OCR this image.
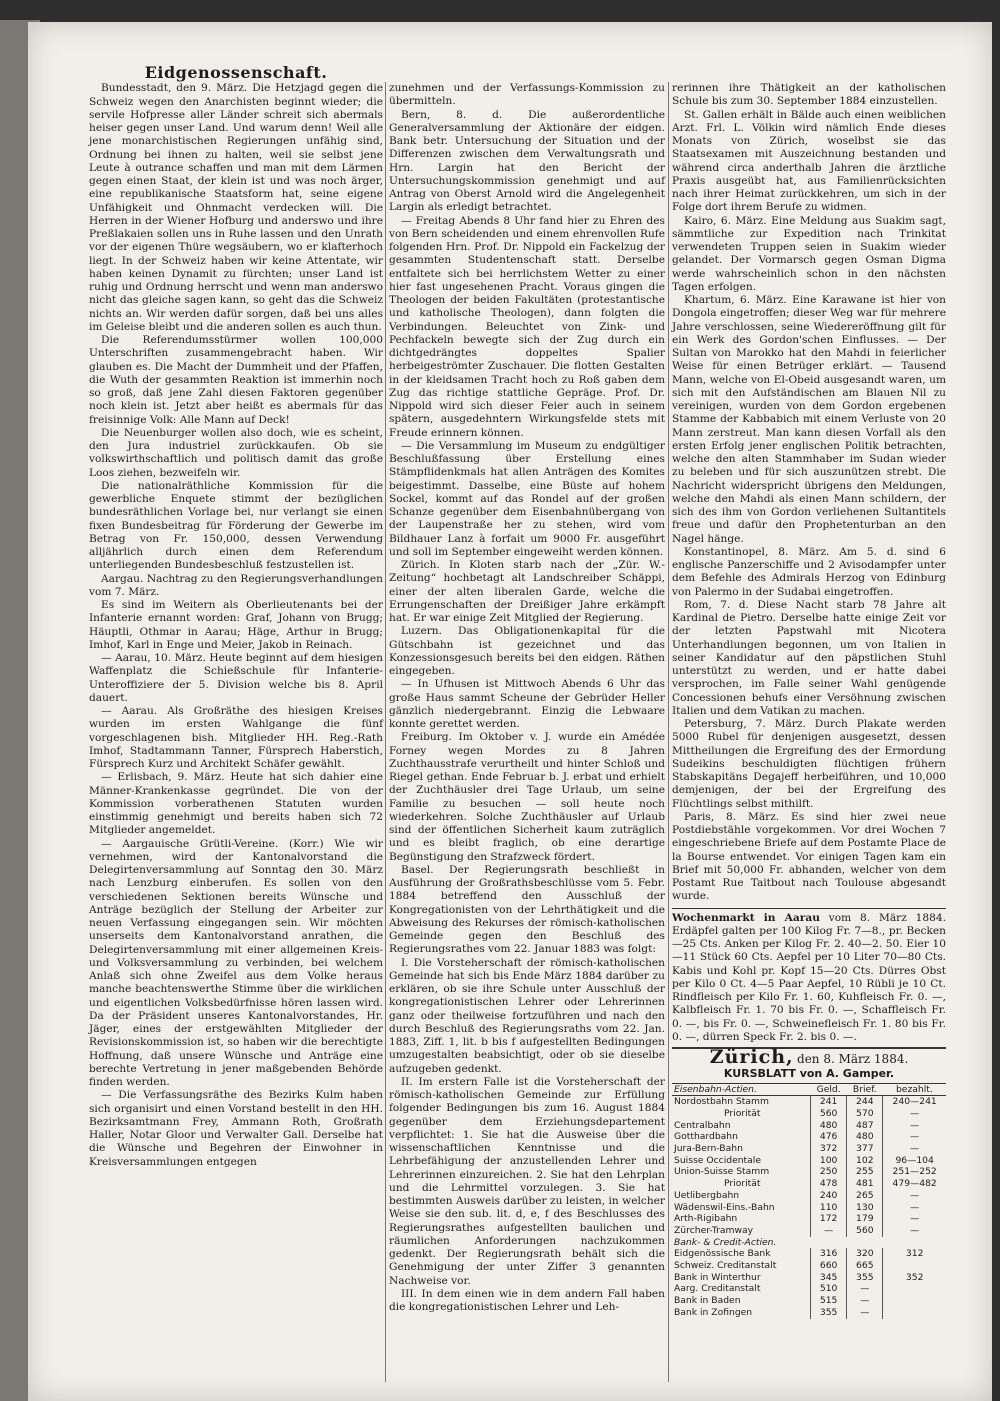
Eidgenossenschaft.

Bundesstadt, den 9. März. Die Hetzjagd gegen die Schweiz wegen den Anarchisten beginnt wieder; die servile Hofpresse aller Länder schreit sich abermals heiser gegen unser Land. Und warum denn! Weil alle jene monarchistischen Regierungen unfähig sind, Ordnung bei ihnen zu halten, weil sie selbst jene Leute à outrance schaffen und man mit dem Lärmen gegen einen Staat, der klein ist und was noch ärger, eine republikanische Staatsform hat, seine eigene Unfähigkeit und Ohnmacht verdecken will. Die Herren in der Wiener Hofburg und anderswo und ihre Preßlakaien sollen uns in Ruhe lassen und den Unrath vor der eigenen Thüre wegsäubern, wo er klafterhoch liegt. In der Schweiz haben wir keine Attentate, wir haben keinen Dynamit zu fürchten; unser Land ist ruhig und Ordnung herrscht und wenn man anderswo nicht das gleiche sagen kann, so geht das die Schweiz nichts an. Wir werden dafür sorgen, daß bei uns alles im Geleise bleibt und die anderen sollen es auch thun.

Die Referendumsstürmer wollen 100,000 Unterschriften zusammengebracht haben. Wir glauben es. Die Macht der Dummheit und der Pfaffen, die Wuth der gesammten Reaktion ist immerhin noch so groß, daß jene Zahl diesen Faktoren gegenüber noch klein ist. Jetzt aber heißt es abermals für das freisinnige Volk: Alle Mann auf Deck!

Die Neuenburger wollen also doch, wie es scheint, den Jura industriel zurückkaufen. Ob sie volkswirthschaftlich und politisch damit das große Loos ziehen, bezweifeln wir.

Die nationalräthliche Kommission für die gewerbliche Enquete stimmt der bezüglichen bundesräthlichen Vorlage bei, nur verlangt sie einen fixen Bundesbeitrag für Förderung der Gewerbe im Betrag von Fr. 150,000, dessen Verwendung alljährlich durch einen dem Referendum unterliegenden Bundesbeschluß festzustellen ist.

Aargau. Nachtrag zu den Regierungsverhandlungen vom 7. März.

Es sind im Weitern als Oberlieutenants bei der Infanterie ernannt worden: Graf, Johann von Brugg; Häuptli, Othmar in Aarau; Häge, Arthur in Brugg; Imhof, Karl in Enge und Meier, Jakob in Reinach.

— Aarau, 10. März. Heute beginnt auf dem hiesigen Waffenplatz die Schießschule für Infanterie-Unteroffiziere der 5. Division welche bis 8. April dauert.

— Aarau. Als Großräthe des hiesigen Kreises wurden im ersten Wahlgange die fünf vorgeschlagenen bish. Mitglieder HH. Reg.-Rath Imhof, Stadtammann Tanner, Fürsprech Haberstich, Fürsprech Kurz und Architekt Schäfer gewählt.

— Erlisbach, 9. März. Heute hat sich dahier eine Männer-Krankenkasse gegründet. Die von der Kommission vorberathenen Statuten wurden einstimmig genehmigt und bereits haben sich 72 Mitglieder angemeldet.

— Aargauische Grütli-Vereine. (Korr.) Wie wir vernehmen, wird der Kantonalvorstand die Delegirtenversammlung auf Sonntag den 30. März nach Lenzburg einberufen. Es sollen von den verschiedenen Sektionen bereits Wünsche und Anträge bezüglich der Stellung der Arbeiter zur neuen Verfassung eingegangen sein. Wir möchten unserseits dem Kantonalvorstand anrathen, die Delegirtenversammlung mit einer allgemeinen Kreis- und Volksversammlung zu verbinden, bei welchem Anlaß sich ohne Zweifel aus dem Volke heraus manche beachtenswerthe Stimme über die wirklichen und eigentlichen Volksbedürfnisse hören lassen wird. Da der Präsident unseres Kantonalvorstandes, Hr. Jäger, eines der erstgewählten Mitglieder der Revisionskommission ist, so haben wir die berechtigte Hoffnung, daß unsere Wünsche und Anträge eine berechte Vertretung in jener maßgebenden Behörde finden werden.

— Die Verfassungsräthe des Bezirks Kulm haben sich organisirt und einen Vorstand bestellt in den HH. Bezirksamtmann Frey, Ammann Roth, Großrath Haller, Notar Gloor und Verwalter Gall. Derselbe hat die Wünsche und Begehren der Einwohner in Kreisversammlungen entgegen

zunehmen und der Verfassungs-Kommission zu übermitteln.

Bern, 8. d. Die außerordentliche Generalversammlung der Aktionäre der eidgen. Bank betr. Untersuchung der Situation und der Differenzen zwischen dem Verwaltungsrath und Hrn. Largin hat den Bericht der Untersuchungskommission genehmigt und auf Antrag von Oberst Arnold wird die Angelegenheit Largin als erledigt betrachtet.

— Freitag Abends 8 Uhr fand hier zu Ehren des von Bern scheidenden und einem ehrenvollen Rufe folgenden Hrn. Prof. Dr. Nippold ein Fackelzug der gesammten Studentenschaft statt. Derselbe entfaltete sich bei herrlichstem Wetter zu einer hier fast ungesehenen Pracht. Voraus gingen die Theologen der beiden Fakultäten (protestantische und katholische Theologen), dann folgten die Verbindungen. Beleuchtet von Zink- und Pechfackeln bewegte sich der Zug durch ein dichtgedrängtes doppeltes Spalier herbeigeströmter Zuschauer. Die flotten Gestalten in der kleidsamen Tracht hoch zu Roß gaben dem Zug das richtige stattliche Gepräge. Prof. Dr. Nippold wird sich dieser Feier auch in seinem spätern, ausgedehntern Wirkungsfelde stets mit Freude erinnern können.

— Die Versammlung im Museum zu endgültiger Beschlußfassung über Erstellung eines Stämpflidenkmals hat allen Anträgen des Komites beigestimmt. Dasselbe, eine Büste auf hohem Sockel, kommt auf das Rondel auf der großen Schanze gegenüber dem Eisenbahnübergang von der Laupenstraße her zu stehen, wird vom Bildhauer Lanz à forfait um 9000 Fr. ausgeführt und soll im September eingeweiht werden können.

Zürich. In Kloten starb nach der „Zür. W.-Zeitung“ hochbetagt alt Landschreiber Schäppi, einer der alten liberalen Garde, welche die Errungenschaften der Dreißiger Jahre erkämpft hat. Er war einige Zeit Mitglied der Regierung.

Luzern. Das Obligationenkapital für die Gütschbahn ist gezeichnet und das Konzessionsgesuch bereits bei den eidgen. Räthen eingegeben.

— In Ufhusen ist Mittwoch Abends 6 Uhr das große Haus sammt Scheune der Gebrüder Heller gänzlich niedergebrannt. Einzig die Lebwaare konnte gerettet werden.

Freiburg. Im Oktober v. J. wurde ein Amédée Forney wegen Mordes zu 8 Jahren Zuchthausstrafe verurtheilt und hinter Schloß und Riegel gethan. Ende Februar b. J. erbat und erhielt der Zuchthäusler drei Tage Urlaub, um seine Familie zu besuchen — soll heute noch wiederkehren. Solche Zuchthäusler auf Urlaub sind der öffentlichen Sicherheit kaum zuträglich und es bleibt fraglich, ob eine derartige Begünstigung den Strafzweck fördert.

Basel. Der Regierungsrath beschließt in Ausführung der Großrathsbeschlüsse vom 5. Febr. 1884 betreffend den Ausschluß der Kongregationisten von der Lehrthätigkeit und die Abweisung des Rekurses der römisch-katholischen Gemeinde gegen den Beschluß des Regierungsrathes vom 22. Januar 1883 was folgt:

I. Die Vorsteherschaft der römisch-katholischen Gemeinde hat sich bis Ende März 1884 darüber zu erklären, ob sie ihre Schule unter Ausschluß der kongregationistischen Lehrer oder Lehrerinnen ganz oder theilweise fortzuführen und nach den durch Beschluß des Regierungsraths vom 22. Jan. 1883, Ziff. 1, lit. b bis f aufgestellten Bedingungen umzugestalten beabsichtigt, oder ob sie dieselbe aufzugeben gedenkt.

II. Im erstern Falle ist die Vorsteherschaft der römisch-katholischen Gemeinde zur Erfüllung folgender Bedingungen bis zum 16. August 1884 gegenüber dem Erziehungsdepartement verpflichtet: 1. Sie hat die Ausweise über die wissenschaftlichen Kenntnisse und die Lehrbefähigung der anzustellenden Lehrer und Lehrerinnen einzureichen. 2. Sie hat den Lehrplan und die Lehrmittel vorzulegen. 3. Sie hat bestimmten Ausweis darüber zu leisten, in welcher Weise sie den sub. lit. d, e, f des Beschlusses des Regierungsrathes aufgestellten baulichen und räumlichen Anforderungen nachzukommen gedenkt. Der Regierungsrath behält sich die Genehmigung der unter Ziffer 3 genannten Nachweise vor.

III. In dem einen wie in dem andern Fall haben die kongregationistischen Lehrer und Leh-

rerinnen ihre Thätigkeit an der katholischen Schule bis zum 30. September 1884 einzustellen.

St. Gallen erhält in Bälde auch einen weiblichen Arzt. Frl. L. Völkin wird nämlich Ende dieses Monats von Zürich, woselbst sie das Staatsexamen mit Auszeichnung bestanden und während circa anderthalb Jahren die ärztliche Praxis ausgeübt hat, aus Familienrücksichten nach ihrer Heimat zurückkehren, um sich in der Folge dort ihrem Berufe zu widmen.

Kairo, 6. März. Eine Meldung aus Suakim sagt, sämmtliche zur Expedition nach Trinkitat verwendeten Truppen seien in Suakim wieder gelandet. Der Vormarsch gegen Osman Digma werde wahrscheinlich schon in den nächsten Tagen erfolgen.

Khartum, 6. März. Eine Karawane ist hier von Dongola eingetroffen; dieser Weg war für mehrere Jahre verschlossen, seine Wiedereröffnung gilt für ein Werk des Gordon'schen Einflusses. — Der Sultan von Marokko hat den Mahdi in feierlicher Weise für einen Betrüger erklärt. — Tausend Mann, welche von El-Obeid ausgesandt waren, um sich mit den Aufständischen am Blauen Nil zu vereinigen, wurden von dem Gordon ergebenen Stamme der Kabbabich mit einem Verluste von 20 Mann zerstreut. Man kann diesen Vorfall als den ersten Erfolg jener englischen Politik betrachten, welche den alten Stammhaber im Sudan wieder zu beleben und für sich auszunützen strebt. Die Nachricht widerspricht übrigens den Meldungen, welche den Mahdi als einen Mann schildern, der sich des ihm von Gordon verliehenen Sultantitels freue und dafür den Prophetenturban an den Nagel hänge.

Konstantinopel, 8. März. Am 5. d. sind 6 englische Panzerschiffe und 2 Avisodampfer unter dem Befehle des Admirals Herzog von Edinburg von Palermo in der Sudabai eingetroffen.

Rom, 7. d. Diese Nacht starb 78 Jahre alt Kardinal de Pietro. Derselbe hatte einige Zeit vor der letzten Papstwahl mit Nicotera Unterhandlungen begonnen, um von Italien in seiner Kandidatur auf den päpstlichen Stuhl unterstützt zu werden, und er hatte dabei versprochen, im Falle seiner Wahl genügende Concessionen behufs einer Versöhnung zwischen Italien und dem Vatikan zu machen.

Petersburg, 7. März. Durch Plakate werden 5000 Rubel für denjenigen ausgesetzt, dessen Mittheilungen die Ergreifung des der Ermordung Sudeikins beschuldigten flüchtigen frühern Stabskapitäns Degajeff herbeiführen, und 10,000 demjenigen, der bei der Ergreifung des Flüchtlings selbst mithilft.

Paris, 8. März. Es sind hier zwei neue Postdiebstähle vorgekommen. Vor drei Wochen 7 eingeschriebene Briefe auf dem Postamte Place de la Bourse entwendet. Vor einigen Tagen kam ein Brief mit 50,000 Fr. abhanden, welcher von dem Postamt Rue Taitbout nach Toulouse abgesandt wurde.

Wochenmarkt in Aarau vom 8. März 1884. Erdäpfel galten per 100 Kilog Fr. 7—8., pr. Becken —25 Cts. Anken per Kilog Fr. 2. 40—2. 50. Eier 10—11 Stück 60 Cts. Aepfel per 10 Liter 70—80 Cts. Kabis und Kohl pr. Kopf 15—20 Cts. Dürres Obst per Kilo 0 Ct. 4—5 Paar Aepfel, 10 Rübli je 10 Ct. Rindfleisch per Kilo Fr. 1. 60, Kuhfleisch Fr. 0. —, Kalbfleisch Fr. 1. 70 bis Fr. 0. —, Schaffleisch Fr. 0. —, bis Fr. 0. —, Schweinefleisch Fr. 1. 80 bis Fr. 0. —, dürren Speck Fr. 2. bis 0. —.

Zürich, den 8. März 1884.
KURSBLATT von A. Gamper.
Eisenbahn-Actien.	Geld.	Brief.	bezahlt.
Nordostbahn Stamm	241	244	240—241
Priorität	560	570	—
Centralbahn	480	487	—
Gotthardbahn	476	480	—
Jura-Bern-Bahn	372	377	—
Suisse Occidentale	100	102	96—104
Union-Suisse Stamm	250	255	251—252
Priorität	478	481	479—482
Uetlibergbahn	240	265	—
Wädenswil-Eins.-Bahn	110	130	—
Arth-Rigibahn	172	179	—
Zürcher-Tramway	—	560	—
Bank- & Credit-Actien.			
Eidgenössische Bank	316	320	312
Schweiz. Creditanstalt	660	665	
Bank in Winterthur	345	355	352
Aarg. Creditanstalt	510	—	
Bank in Baden	515	—	
Bank in Zofingen	355	—	
